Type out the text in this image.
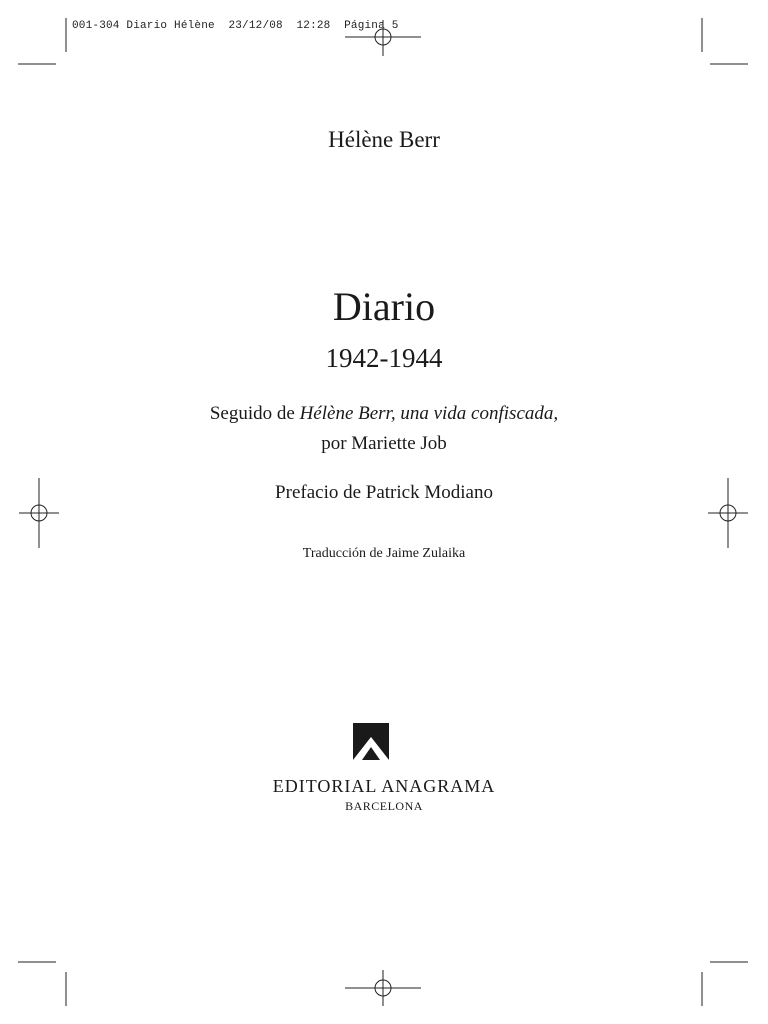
001-304 Diario Hélène 23/12/08 12:28 Página 5
Hélène Berr
Diario
1942-1944
Seguido de Hélène Berr, una vida confiscada,
por Mariette Job
Prefacio de Patrick Modiano
Traducción de Jaime Zulaika
EDITORIAL ANAGRAMA
BARCELONA
